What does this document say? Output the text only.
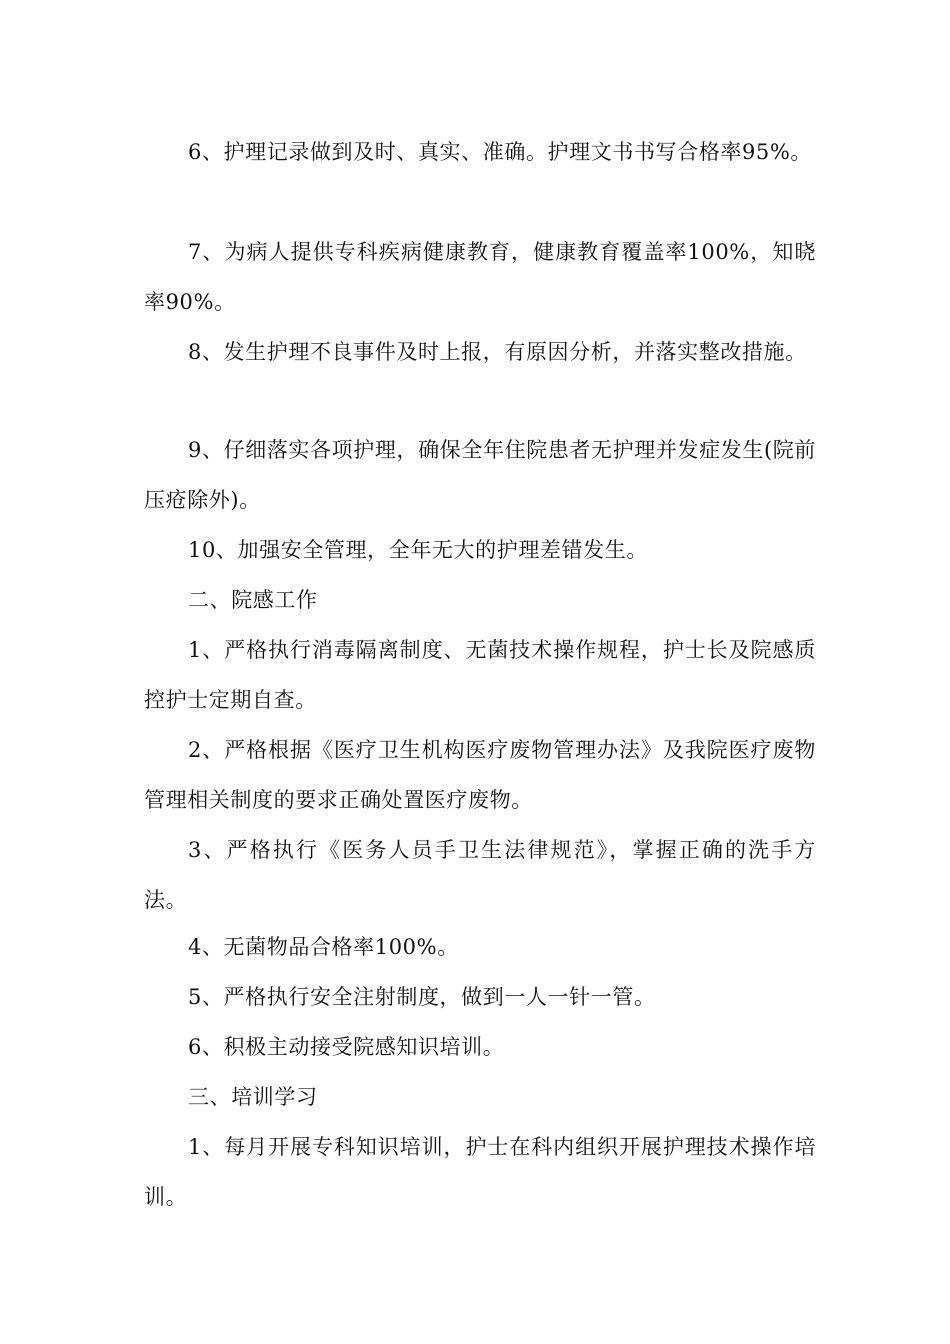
6、护理记录做到及时、真实、准确。护理文书书写合格率95%。

7、为病人提供专科疾病健康教育，健康教育覆盖率100%，知晓率90%。

8、发生护理不良事件及时上报，有原因分析，并落实整改措施。

9、仔细落实各项护理，确保全年住院患者无护理并发症发生(院前压疮除外)。

10、加强安全管理，全年无大的护理差错发生。

二、院感工作

1、严格执行消毒隔离制度、无菌技术操作规程，护士长及院感质控护士定期自查。

2、严格根据《医疗卫生机构医疗废物管理办法》及我院医疗废物管理相关制度的要求正确处置医疗废物。

3、严格执行《医务人员手卫生法律规范》，掌握正确的洗手方法。

4、无菌物品合格率100%。

5、严格执行安全注射制度，做到一人一针一管。

6、积极主动接受院感知识培训。

三、培训学习

1、每月开展专科知识培训，护士在科内组织开展护理技术操作培训。
